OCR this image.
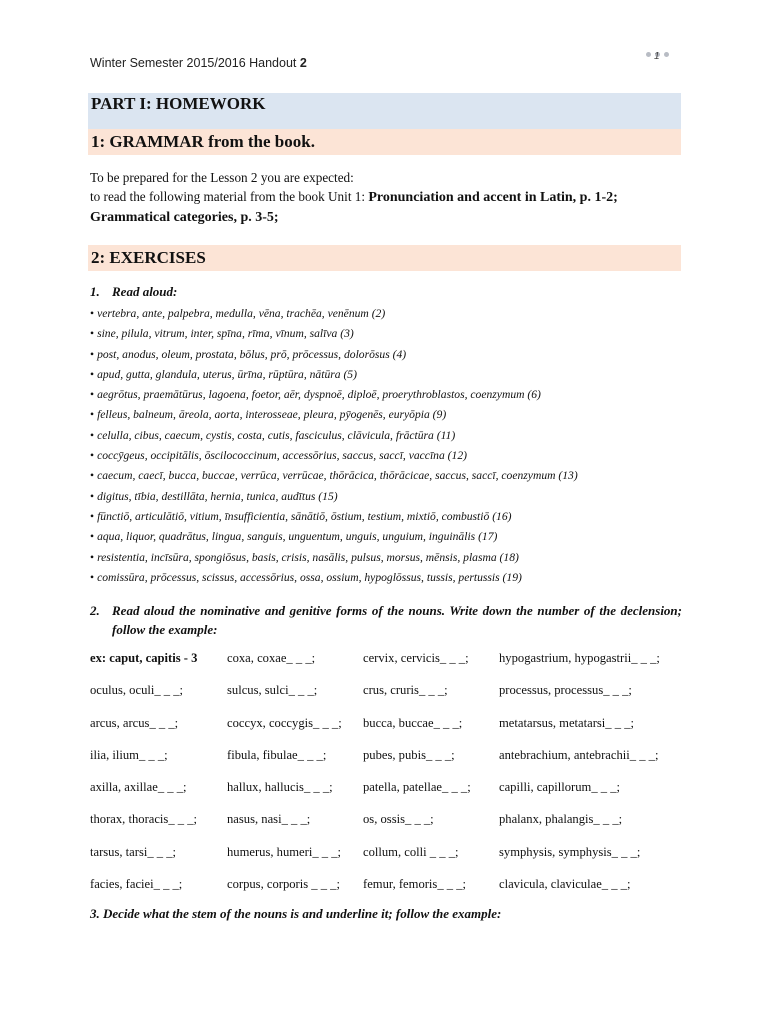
1
Winter Semester 2015/2016 Handout 2
PART I: HOMEWORK
1: GRAMMAR from the book.
To be prepared for the Lesson 2 you are expected:
to read the following material from the book Unit 1: Pronunciation and accent in Latin, p. 1-2;
Grammatical categories, p. 3-5;
2: EXERCISES
1. Read aloud:
• vertebra, ante, palpebra, medulla, vēna, trachēa, venēnum (2)
• sine, pilula, vitrum, inter, spīna, rīma, vīnum, salīva (3)
• post, anodus, oleum, prostata, bōlus, prō, prōcessus, dolorōsus (4)
• apud, gutta, glandula, uterus, ūrīna, rūptūra, nātūra (5)
• aegrōtus, praemātūrus, lagoena, foetor, aēr, dyspnoē, diploē, proerythroblastos, coenzymum (6)
• felleus, balneum, āreola, aorta, interosseae, pleura, pȳogenēs, euryōpia (9)
• celulla, cibus, caecum, cystis, costa, cutis, fasciculus, clāvicula, frāctūra (11)
• coccȳgeus, occipitālis, ōscilococcinum, accessōrius, saccus, saccī, vaccīna (12)
• caecum, caecī, bucca, buccae, verrūca, verrūcae, thōrācica, thōrācicae, saccus, saccī, coenzymum (13)
• digitus, tībia, destillāta, hernia, tunica, audītus (15)
• fūnctiō, articulātiō, vitium, īnsufficientia, sānātiō, ōstium, testium, mixtiō, combustiō (16)
• aqua, liquor, quadrātus, lingua, sanguis, unguentum, unguis, unguium, inguinālis (17)
• resistentia, incīsūra, spongiōsus, basis, crisis, nasālis, pulsus, morsus, mēnsis, plasma (18)
• comissūra, prōcessus, scissus, accessōrius, ossa, ossium, hypoglōssus, tussis, pertussis (19)
2. Read aloud the nominative and genitive forms of the nouns. Write down the number of the declension; follow the example:
ex: caput, capitis - 3 coxa, coxae_ _ _;	cervix, cervicis_ _ _; hypogastrium, hypogastrii_ _ _;
oculus, oculi_ _ _;	sulcus, sulci_ _ _;	crus, cruris_ _ _;	processus, processus_ _ _;
arcus, arcus_ _ _;	coccyx, coccygis_ _ _; bucca, buccae_ _ _;	metatarsus, metatarsi_ _ _;
ilia, ilium_ _ _;	fibula, fibulae_ _ _;	pubes, pubis_ _ _;	antebrachium, antebrachii_ _ _;
axilla, axillae_ _ _;	hallux, hallucis_ _ _; patella, patellae_ _ _; capilli, capillorum_ _ _;
thorax, thoracis_ _ _; nasus, nasi_ _ _;	os, ossis_ _ _;	phalanx, phalangis_ _ _;
tarsus, tarsi_ _ _;	humerus, humeri_ _ _; collum, colli _ _ _;	symphysis, symphysis_ _ _;
facies, faciei_ _ _;	corpus, corporis _ _ _; femur, femoris_ _ _;	clavicula, claviculae_ _ _;
3. Decide what the stem of the nouns is and underline it; follow the example:
